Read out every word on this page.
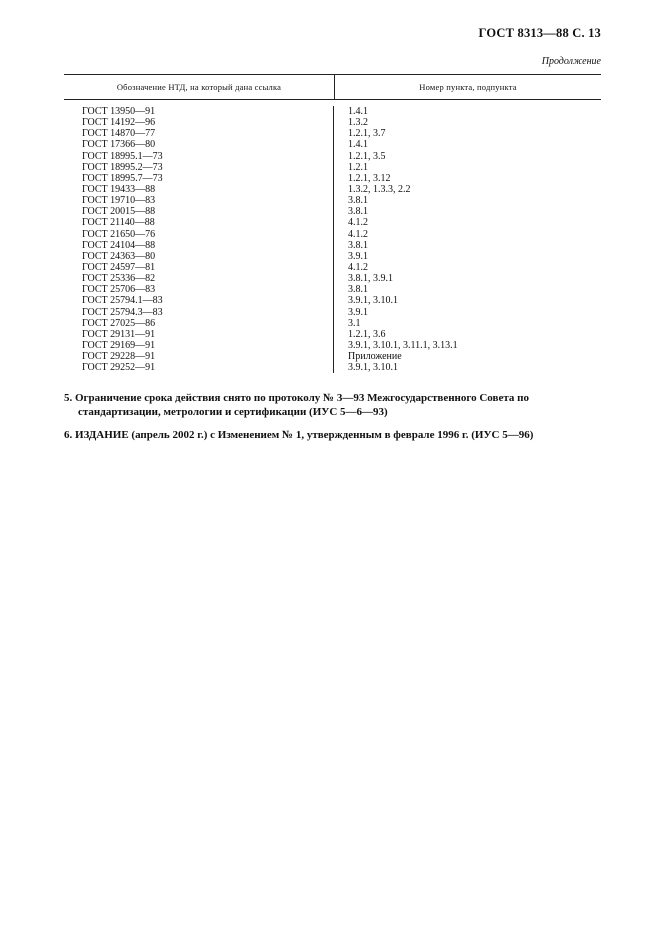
ГОСТ 8313—88 С. 13
Продолжение
Обозначение НТД, на который дана ссылка	Номер пункта, подпункта
ГОСТ 13950—91
ГОСТ 14192—96
ГОСТ 14870—77
ГОСТ 17366—80
ГОСТ 18995.1—73
ГОСТ 18995.2—73
ГОСТ 18995.7—73
ГОСТ 19433—88
ГОСТ 19710—83
ГОСТ 20015—88
ГОСТ 21140—88
ГОСТ 21650—76
ГОСТ 24104—88
ГОСТ 24363—80
ГОСТ 24597—81
ГОСТ 25336—82
ГОСТ 25706—83
ГОСТ 25794.1—83
ГОСТ 25794.3—83
ГОСТ 27025—86
ГОСТ 29131—91
ГОСТ 29169—91
ГОСТ 29228—91
ГОСТ 29252—91
1.4.1
1.3.2
1.2.1, 3.7
1.4.1
1.2.1, 3.5
1.2.1
1.2.1, 3.12
1.3.2, 1.3.3, 2.2
3.8.1
3.8.1
4.1.2
4.1.2
3.8.1
3.9.1
4.1.2
3.8.1, 3.9.1
3.8.1
3.9.1, 3.10.1
3.9.1
3.1
1.2.1, 3.6
3.9.1, 3.10.1, 3.11.1, 3.13.1
Приложение
3.9.1, 3.10.1
5. Ограничение срока действия снято по протоколу № 3—93 Межгосударственного Совета по
стандартизации, метрологии и сертификации (ИУС 5—6—93)
6. ИЗДАНИЕ (апрель 2002 г.) с Изменением № 1, утвержденным в феврале 1996 г. (ИУС 5—96)
